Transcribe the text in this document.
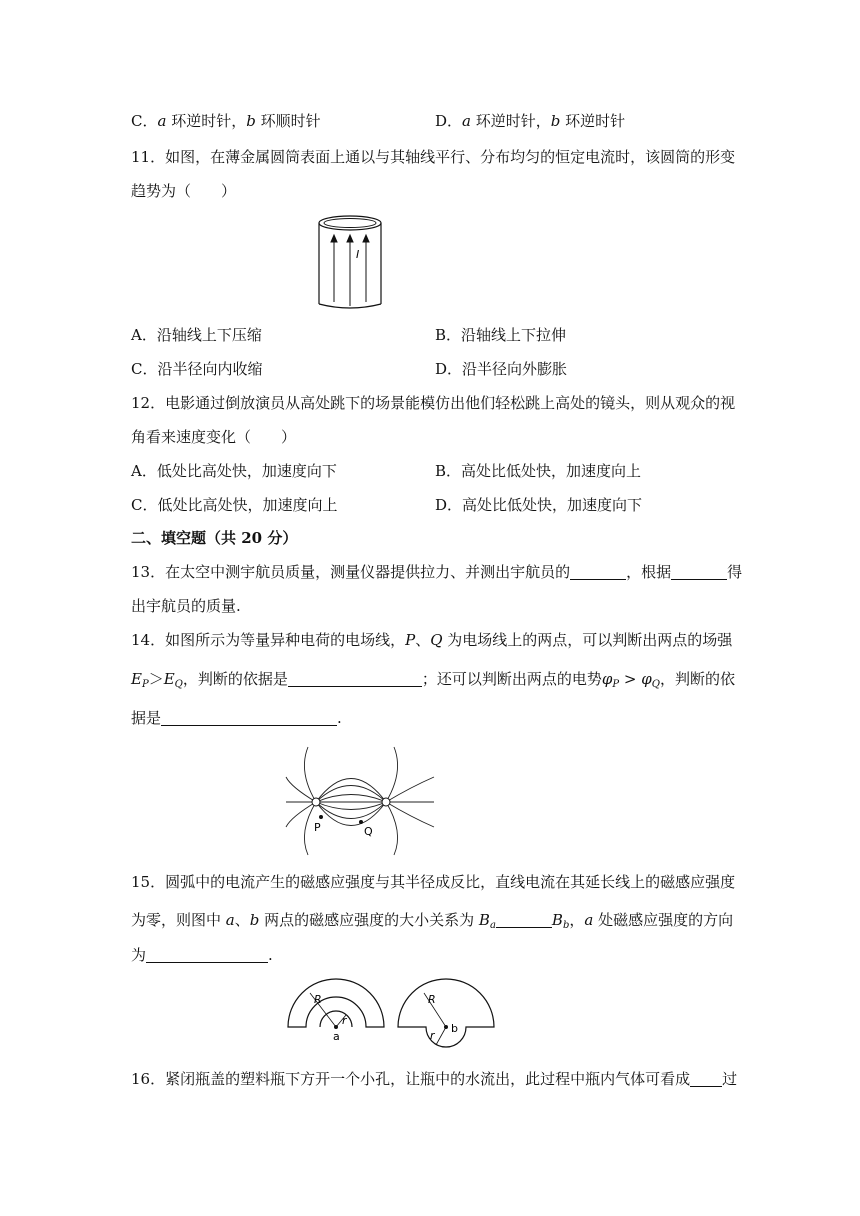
C．a 环逆时针，b 环顺时针	D．a 环逆时针，b 环逆时针
11．如图，在薄金属圆筒表面上通以与其轴线平行、分布均匀的恒定电流时，该圆筒的形变
趋势为（　　）
I
A．沿轴线上下压缩	B．沿轴线上下拉伸
C．沿半径向内收缩	D．沿半径向外膨胀
12．电影通过倒放演员从高处跳下的场景能模仿出他们轻松跳上高处的镜头，则从观众的视
角看来速度变化（　　）
A．低处比高处快，加速度向下	B．高处比低处快，加速度向上
C．低处比高处快，加速度向上	D．高处比低处快，加速度向下
二、填空题（共 20 分）
13．在太空中测宇航员质量，测量仪器提供拉力、并测出宇航员的	，根据	得
出宇航员的质量.
14．如图所示为等量异种电荷的电场线，P、Q 为电场线上的两点，可以判断出两点的场强
$E_P>E_Q$，判断的依据是	；还可以判断出两点的电势$\varphi_P > \varphi_Q$，判断的依
据是	.
P	Q
15．圆弧中的电流产生的磁感应强度与其半径成反比，直线电流在其延长线上的磁感应强度
为零，则图中 a、b 两点的磁感应强度的大小关系为 $B_a$	$B_b$，a 处磁感应强度的方向
为	.
R
r
a
R
r
b
16．紧闭瓶盖的塑料瓶下方开一个小孔，让瓶中的水流出，此过程中瓶内气体可看成 过
